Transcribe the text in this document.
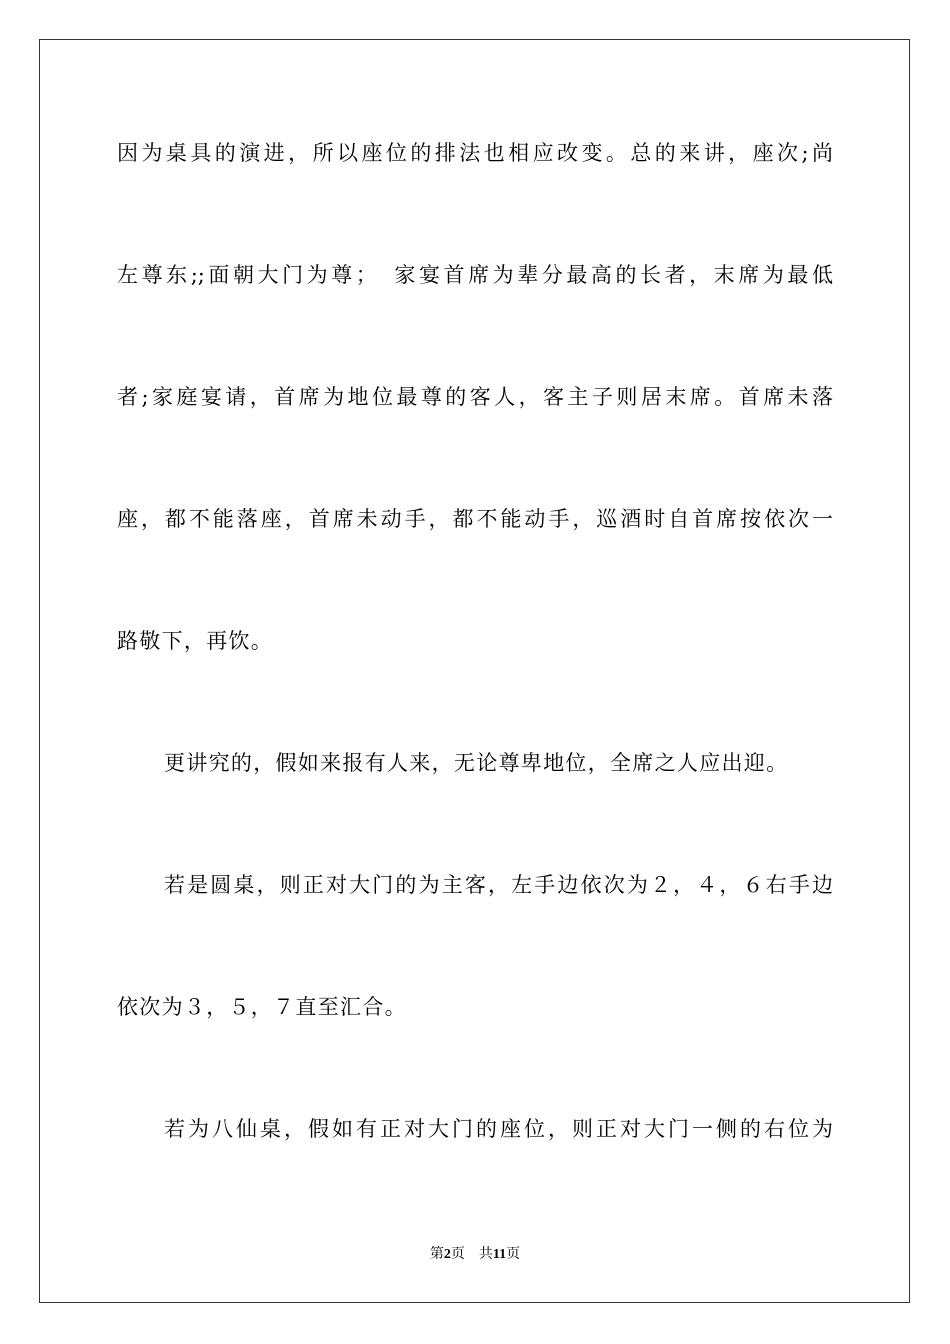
因为桌具的演进，所以座位的排法也相应改变。总的来讲，座次;尚
左尊东;;面朝大门为尊；　家宴首席为辈分最高的长者，末席为最低
者;家庭宴请，首席为地位最尊的客人，客主子则居末席。首席未落
座，都不能落座，首席未动手，都不能动手，巡酒时自首席按依次一
路敬下，再饮。
更讲究的，假如来报有人来，无论尊卑地位，全席之人应出迎。
若是圆桌，则正对大门的为主客，左手边依次为２，４，６右手边
依次为３，５，７直至汇合。
若为八仙桌，假如有正对大门的座位，则正对大门一侧的右位为
第2页 共11页
